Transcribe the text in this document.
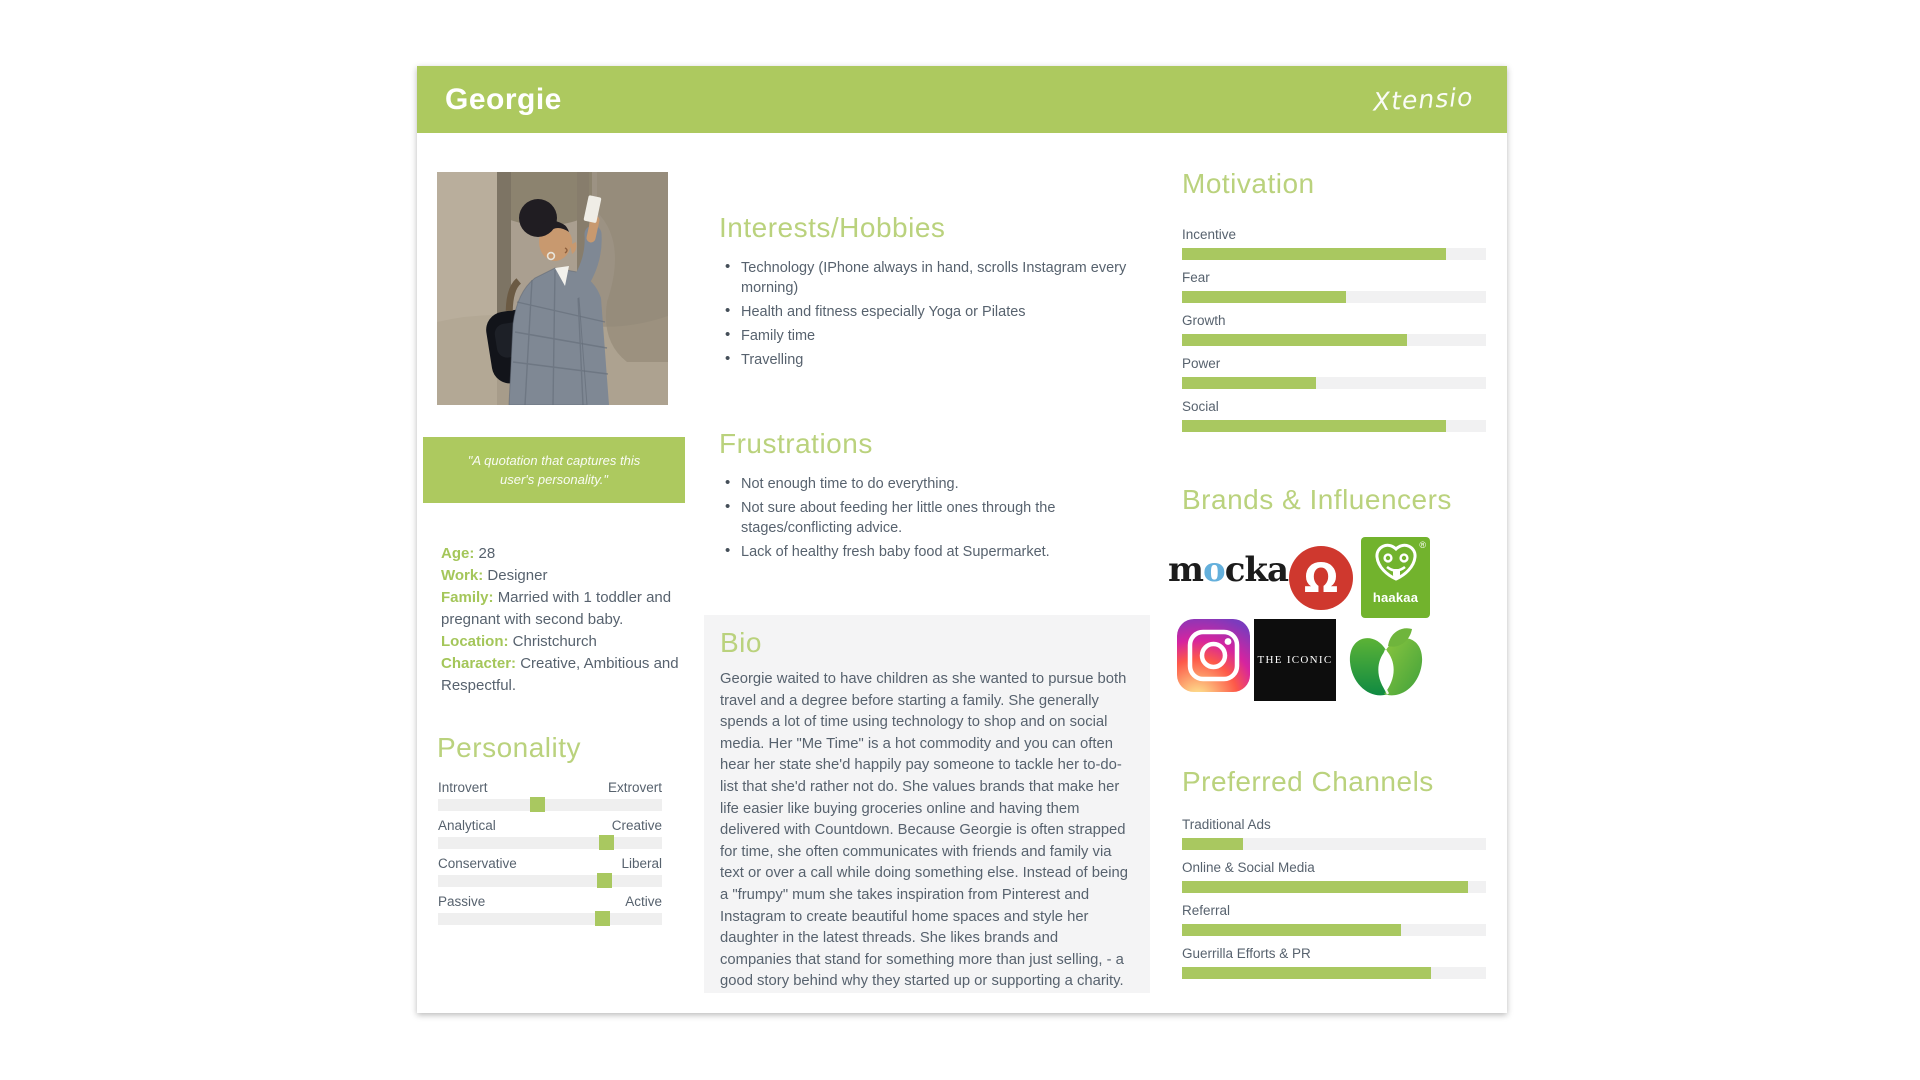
Georgie	Xtensio
"A quotation that captures this user's personality."
Age: 28
Work: Designer
Family: Married with 1 toddler and pregnant with second baby.
Location: Christchurch
Character: Creative, Ambitious and Respectful.
Personality
Introvert	Extrovert
Analytical	Creative
Conservative	Liberal
Passive	Active
Interests/Hobbies
• Technology (IPhone always in hand, scrolls Instagram every morning)
• Health and fitness especially Yoga or Pilates
• Family time
• Travelling
Frustrations
• Not enough time to do everything.
• Not sure about feeding her little ones through the stages/conflicting advice.
• Lack of healthy fresh baby food at Supermarket.
Bio
Georgie waited to have children as she wanted to pursue both travel and a degree before starting a family. She generally spends a lot of time using technology to shop and on social media. Her "Me Time" is a hot commodity and you can often hear her state she'd happily pay someone to tackle her to-do-list that she'd rather not do. She values brands that make her life easier like buying groceries online and having them delivered with Countdown. Because Georgie is often strapped for time, she often communicates with friends and family via text or over a call while doing something else. Instead of being a "frumpy" mum she takes inspiration from Pinterest and Instagram to create beautiful home spaces and style her daughter in the latest threads. She likes brands and companies that stand for something more than just selling, - a good story behind why they started up or supporting a charity.
Motivation
Incentive
Fear
Growth
Power
Social
Brands & Influencers
m o cka Ω
®
haakaa
THE ICONIC
Preferred Channels
Traditional Ads
Online & Social Media
Referral
Guerrilla Efforts & PR
